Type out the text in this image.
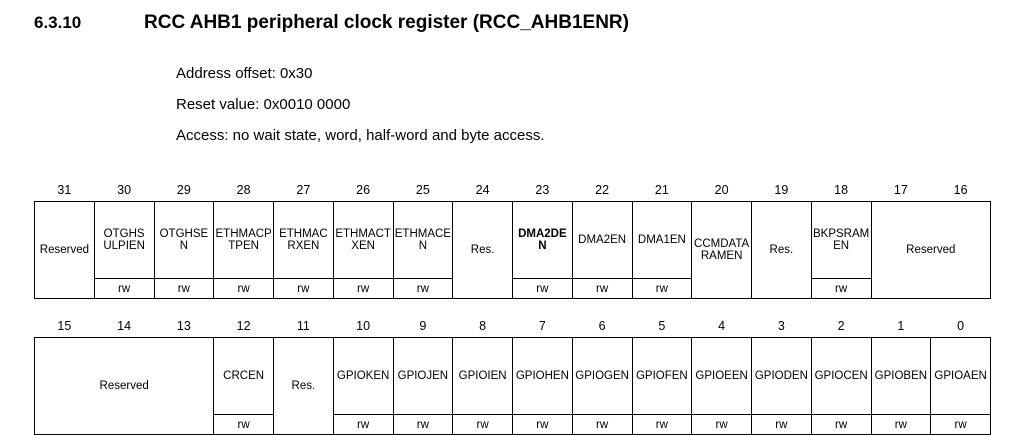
6.3.10	RCC AHB1 peripheral clock register (RCC_AHB1ENR)
Address offset: 0x30
Reset value: 0x0010 0000
Access: no wait state, word, half-word and byte access.
31	30	29	28	27	26	25	24	23	22	21	20	19	18	17	16
Reserved	OTGHS ULPIEN	OTGHSEN	ETHMACPTPEN	ETHMACRXEN	ETHMACTXEN	ETHMACEN	Res.	DMA2DEN	DMA2EN	DMA1EN	CCMDATARAMEN	Res.	BKPSRAMEN	Reserved	
	rw	rw	rw	rw	rw	rw		rw	rw	rw			rw		
15	14	13	12	11	10	9	8	7	6	5	4	3	2	1	0
Reserved			CRCEN	Res.	GPIOKEN	GPIOJEN	GPIOIEN	GPIOHEN	GPIOGEN	GPIOFEN	GPIOEEN	GPIODEN	GPIOCEN	GPIOBEN	GPIOAEN
			rw		rw	rw	rw	rw	rw	rw	rw	rw	rw	rw	rw
